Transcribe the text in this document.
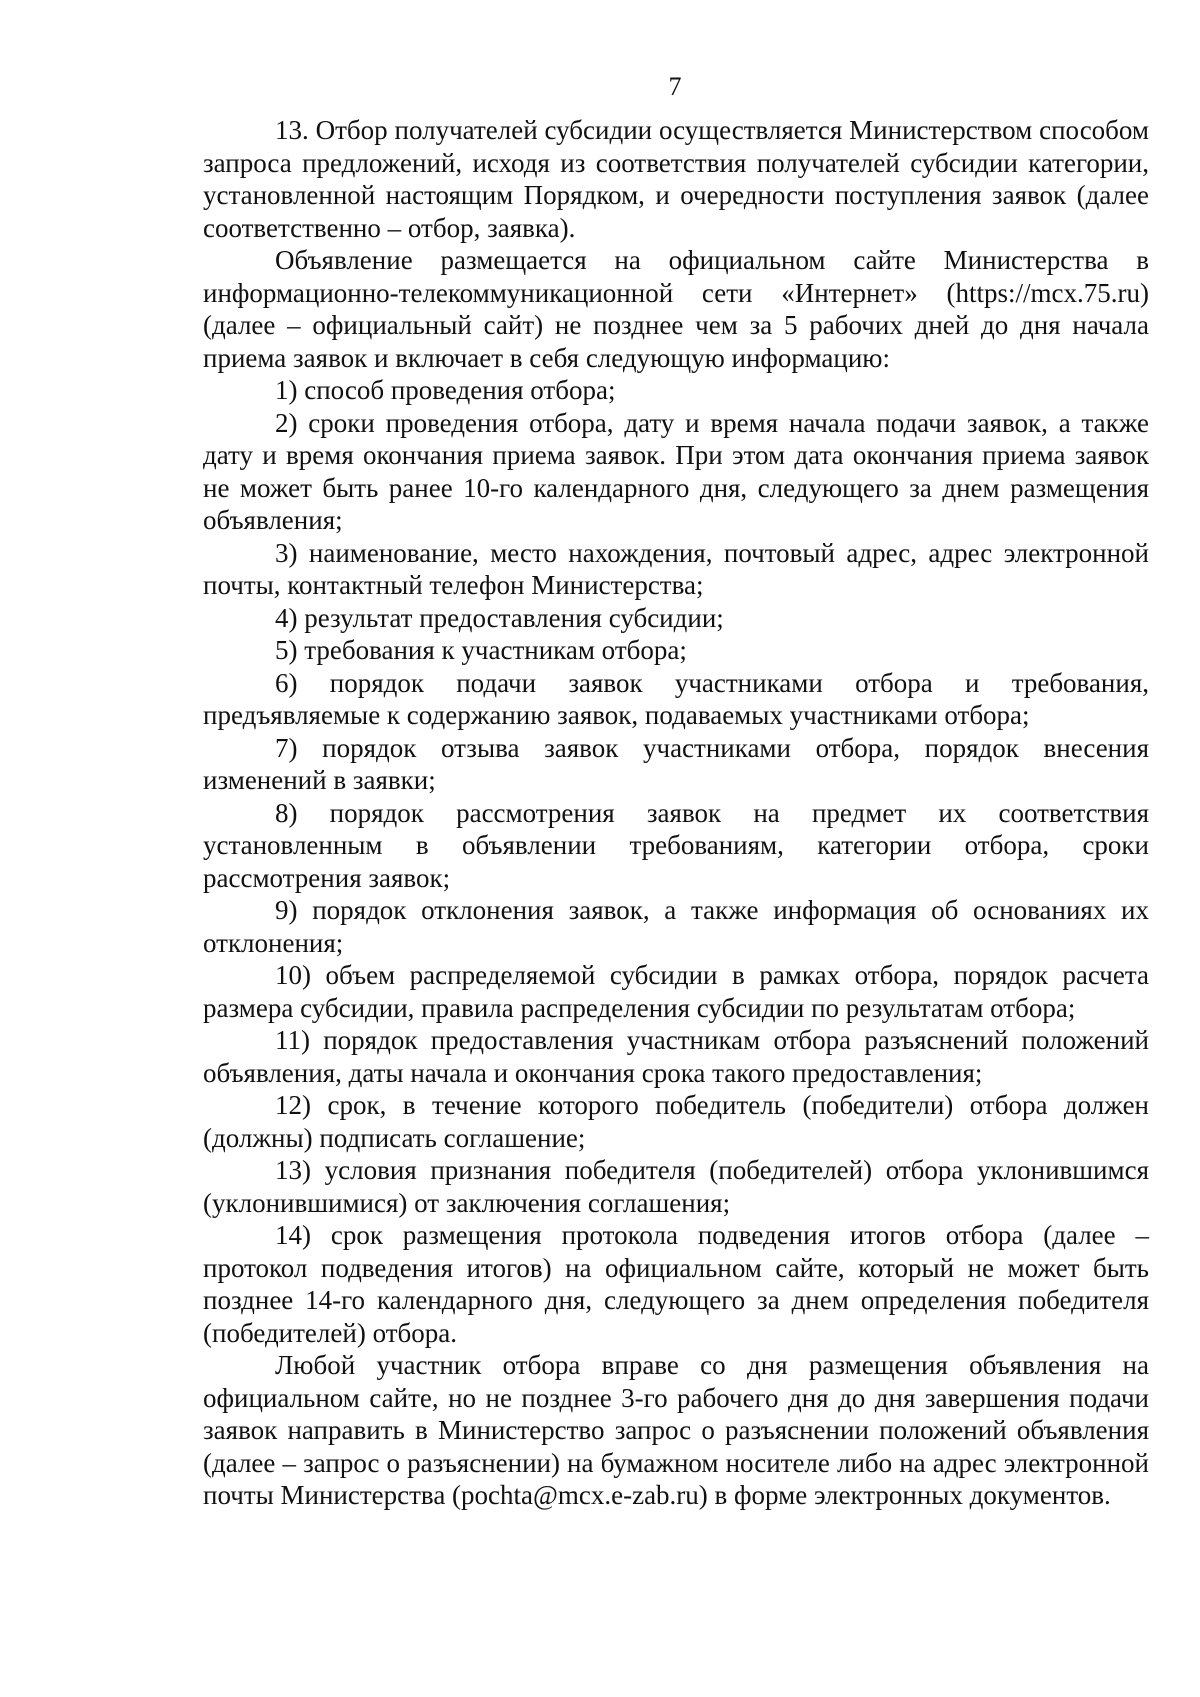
7

13. Отбор получателей субсидии осуществляется Министерством способом запроса предложений, исходя из соответствия получателей субсидии категории, установленной настоящим Порядком, и очередности поступления заявок (далее соответственно – отбор, заявка).

Объявление размещается на официальном сайте Министерства в информационно-телекоммуникационной сети «Интернет» (https://mcx.75.ru) (далее – официальный сайт) не позднее чем за 5 рабочих дней до дня начала приема заявок и включает в себя следующую информацию:

1) способ проведения отбора;

2) сроки проведения отбора, дату и время начала подачи заявок, а также дату и время окончания приема заявок. При этом дата окончания приема заявок не может быть ранее 10-го календарного дня, следующего за днем размещения объявления;

3) наименование, место нахождения, почтовый адрес, адрес электронной почты, контактный телефон Министерства;

4) результат предоставления субсидии;

5) требования к участникам отбора;

6) порядок подачи заявок участниками отбора и требования, предъявляемые к содержанию заявок, подаваемых участниками отбора;

7) порядок отзыва заявок участниками отбора, порядок внесения изменений в заявки;

8) порядок рассмотрения заявок на предмет их соответствия установленным в объявлении требованиям, категории отбора, сроки рассмотрения заявок;

9) порядок отклонения заявок, а также информация об основаниях их отклонения;

10) объем распределяемой субсидии в рамках отбора, порядок расчета размера субсидии, правила распределения субсидии по результатам отбора;

11) порядок предоставления участникам отбора разъяснений положений объявления, даты начала и окончания срока такого предоставления;

12) срок, в течение которого победитель (победители) отбора должен (должны) подписать соглашение;

13) условия признания победителя (победителей) отбора уклонившимся (уклонившимися) от заключения соглашения;

14) срок размещения протокола подведения итогов отбора (далее – протокол подведения итогов) на официальном сайте, который не может быть позднее 14-го календарного дня, следующего за днем определения победителя (победителей) отбора.

Любой участник отбора вправе со дня размещения объявления на официальном сайте, но не позднее 3-го рабочего дня до дня завершения подачи заявок направить в Министерство запрос о разъяснении положений объявления (далее – запрос о разъяснении) на бумажном носителе либо на адрес электронной почты Министерства (pochta@mcx.e-zab.ru) в форме электронных документов.
